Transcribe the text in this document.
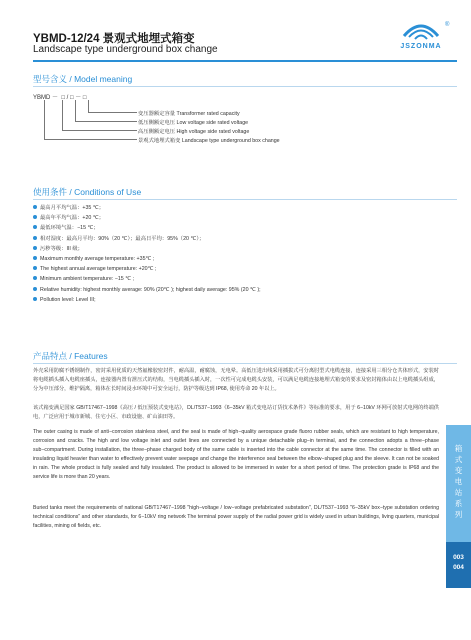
YBMD-12/24 景观式地埋式箱变
Landscape type underground box change	JSZONMA
®
型号含义 / Model meaning
YBMD －  □ / □ － □
变压器额定容量 Transformer rated capacity
低压侧额定电压 Low voltage side rated voltage
高压侧额定电压 High voltage side rated voltage
景观式地埋式箱变 Landscape type underground box change
使用条件 / Conditions of Use
最高月平均气温：+35 ℃；
最高年平均气温：+20 ℃；
最低环境气温：−15 ℃；
相对湿度：最高月平均：90%（20 ℃）；最高日平均：95%（20 ℃）；
污秽等级：III 级；
Maximum monthly average temperature: +35℃ ;
The highest annual average temperature: +20℃ ;
Minimum ambient temperature: −15 ℃ ;
Relative humidity: highest monthly average: 90% (20℃ ); highest daily average: 95% (20 ℃ );
Pollution level: Level III;
产品特点 / Features

外壳采用防腐不锈钢制作，密封采用优质的天然氟橡胶密封件，耐高温，耐腐蚀，无电晕。高低压进出线采用插拔式可分离肘型式电缆连接，连接采用三相分仓共体形式，安装时将电缆插头插入电缆座插头，连接器内置有泄压式的结构，当电缆插头插入时，一次性可完成电缆头安装，可以满足电缆连接地埋式箱变的要求及密封箱体由以上电缆插头组成，分为中压部分，维护隔离，箱体在长时间浸水环境中可安全运行，防护等级达到 IP68, 使用寿命 20 年以上。

该式箱变满足国家 GB/T17467−1998《高压 / 低压预装式变电站》，DL/T537−1993《6−35kV 箱式变电站订货技术条件》等标准的要求，用于 6−10kV 环网可放射式电网的终端供电，广泛应用于城市新城、住宅小区、市政设施、矿山油田等。

The outer casing is made of anti−corrosion stainless steel, and the seal is made of high−quality aerospace grade fluoro rubber seals, which are resistant to high temperature, corrosion and cracks. The high and low voltage inlet and outlet lines are connected by a unique detachable plug−in terminal, and the connection adopts a three−phase sub−compartment. During installation, the three−phase charged body of the same cable is inserted into the cable connector at the same time. The connector is filled with an insulating liquid heavier than water to effectively prevent water seepage and change the interference seal between the elbow−shaped plug and the sleeve. It can not be soaked in rain. The whole product is fully sealed and fully insulated. The product is allowed to be immersed in water for a short period of time. The protection grade is IP68 and the service life is more than 20 years.

Buried tanks meet the requirements of national GB/T17467−1998 "high−voltage / low−voltage prefabricated substation", DL/T537−1993 "6−35kV box−type substation ordering technical conditions" and other standards, for 6−10kV ring network The terminal power supply of the radial power grid is widely used in urban buildings, living quarters, municipal facilities, mining oil fields, etc.

箱
式
变
电
站
系
列
003
004
